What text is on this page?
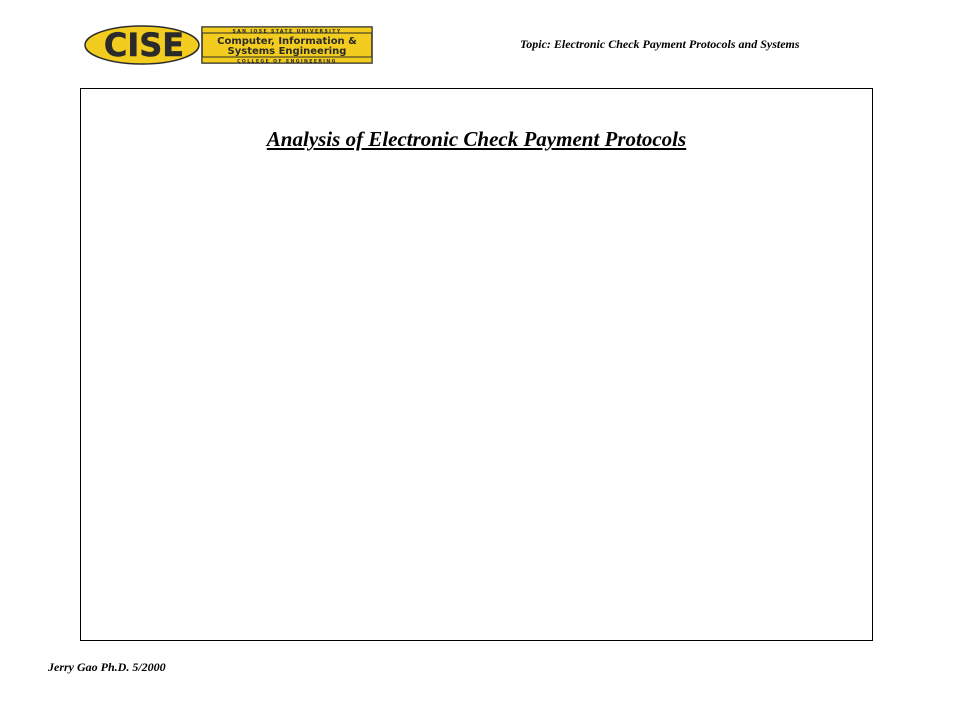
CISE	SAN JOSE STATE UNIVERSITY
Computer, Information &
Systems Engineering
COLLEGE OF ENGINEERING
Topic: Electronic Check Payment Protocols and Systems
Analysis of Electronic Check Payment Protocols
Jerry Gao Ph.D. 5/2000
